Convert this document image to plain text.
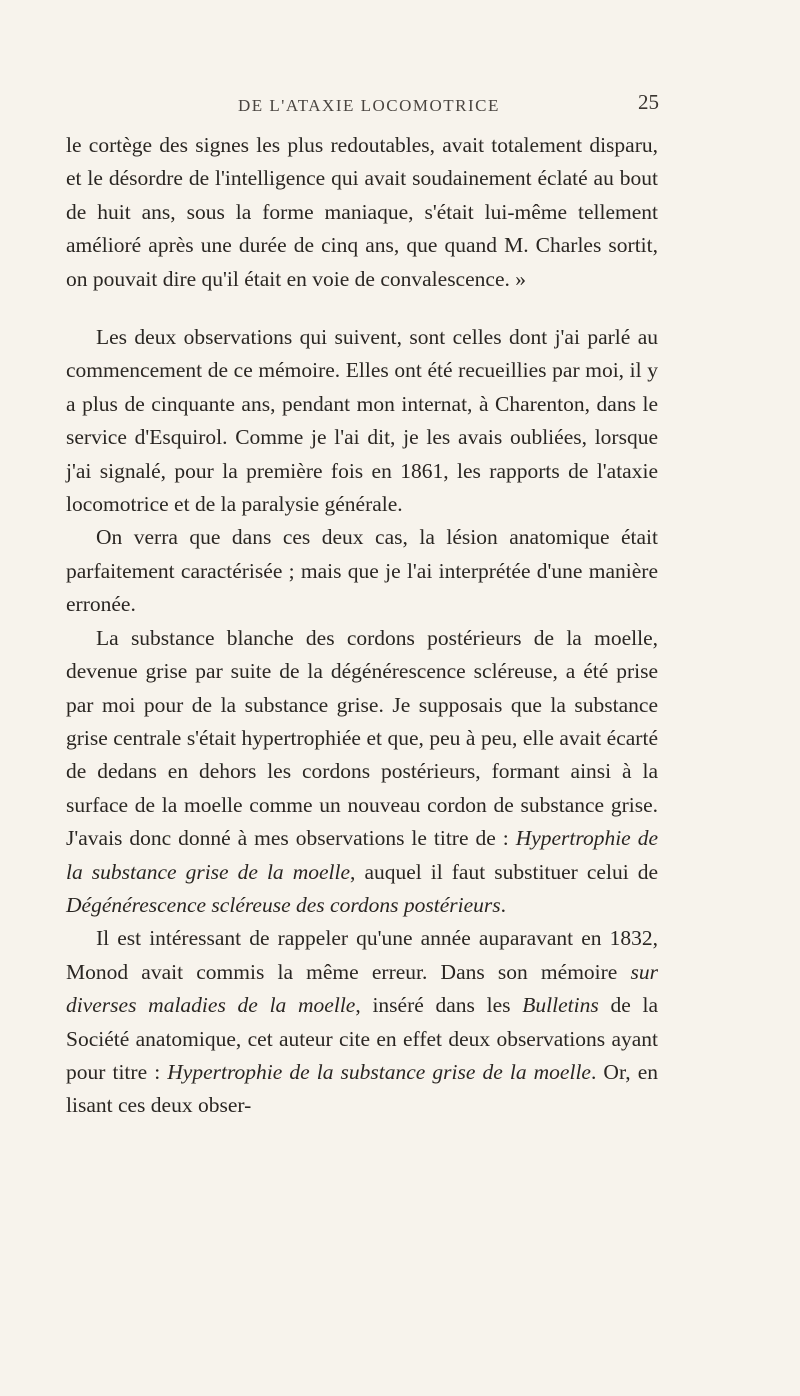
DE L'ATAXIE LOCOMOTRICE	25

le cortège des signes les plus redoutables, avait totalement disparu, et le désordre de l'intelligence qui avait soudainement éclaté au bout de huit ans, sous la forme maniaque, s'était lui-même tellement amélioré après une durée de cinq ans, que quand M. Charles sortit, on pouvait dire qu'il était en voie de convalescence. »

Les deux observations qui suivent, sont celles dont j'ai parlé au commencement de ce mémoire. Elles ont été recueillies par moi, il y a plus de cinquante ans, pendant mon internat, à Charenton, dans le service d'Esquirol. Comme je l'ai dit, je les avais oubliées, lorsque j'ai signalé, pour la première fois en 1861, les rapports de l'ataxie locomotrice et de la paralysie générale.

On verra que dans ces deux cas, la lésion anatomique était parfaitement caractérisée ; mais que je l'ai interprétée d'une manière erronée.

La substance blanche des cordons postérieurs de la moelle, devenue grise par suite de la dégénérescence scléreuse, a été prise par moi pour de la substance grise. Je supposais que la substance grise centrale s'était hypertrophiée et que, peu à peu, elle avait écarté de dedans en dehors les cordons postérieurs, formant ainsi à la surface de la moelle comme un nouveau cordon de substance grise. J'avais donc donné à mes observations le titre de : Hypertrophie de la substance grise de la moelle, auquel il faut substituer celui de Dégénérescence scléreuse des cordons postérieurs.

Il est intéressant de rappeler qu'une année auparavant en 1832, Monod avait commis la même erreur. Dans son mémoire sur diverses maladies de la moelle, inséré dans les Bulletins de la Société anatomique, cet auteur cite en effet deux observations ayant pour titre : Hypertrophie de la substance grise de la moelle. Or, en lisant ces deux obser-
